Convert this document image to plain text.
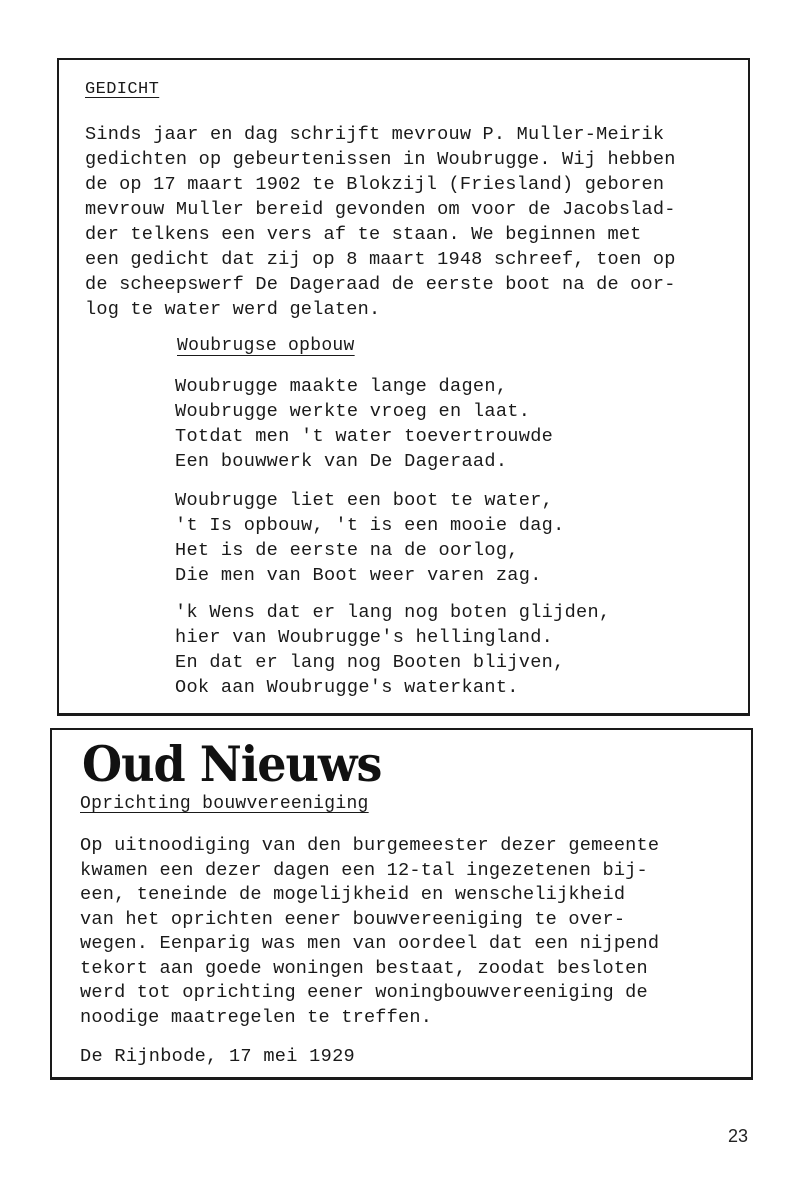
GEDICHT
Sinds jaar en dag schrijft mevrouw P. Muller-Meirik
gedichten op gebeurtenissen in Woubrugge. Wij hebben
de op 17 maart 1902 te Blokzijl (Friesland) geboren
mevrouw Muller bereid gevonden om voor de Jacobslad-
der telkens een vers af te staan. We beginnen met
een gedicht dat zij op 8 maart 1948 schreef, toen op
de scheepswerf De Dageraad de eerste boot na de oor-
log te water werd gelaten.
Woubrugse opbouw
Woubrugge maakte lange dagen,
Woubrugge werkte vroeg en laat.
Totdat men 't water toevertrouwde
Een bouwwerk van De Dageraad.
Woubrugge liet een boot te water,
't Is opbouw, 't is een mooie dag.
Het is de eerste na de oorlog,
Die men van Boot weer varen zag.
'k Wens dat er lang nog boten glijden,
hier van Woubrugge's hellingland.
En dat er lang nog Booten blijven,
Ook aan Woubrugge's waterkant.
Oud Nieuws
Oprichting bouwvereeniging
Op uitnoodiging van den burgemeester dezer gemeente
kwamen een dezer dagen een 12-tal ingezetenen bij-
een, teneinde de mogelijkheid en wenschelijkheid
van het oprichten eener bouwvereeniging te over-
wegen. Eenparig was men van oordeel dat een nijpend
tekort aan goede woningen bestaat, zoodat besloten
werd tot oprichting eener woningbouwvereeniging de
noodige maatregelen te treffen.
De Rijnbode, 17 mei 1929
23
